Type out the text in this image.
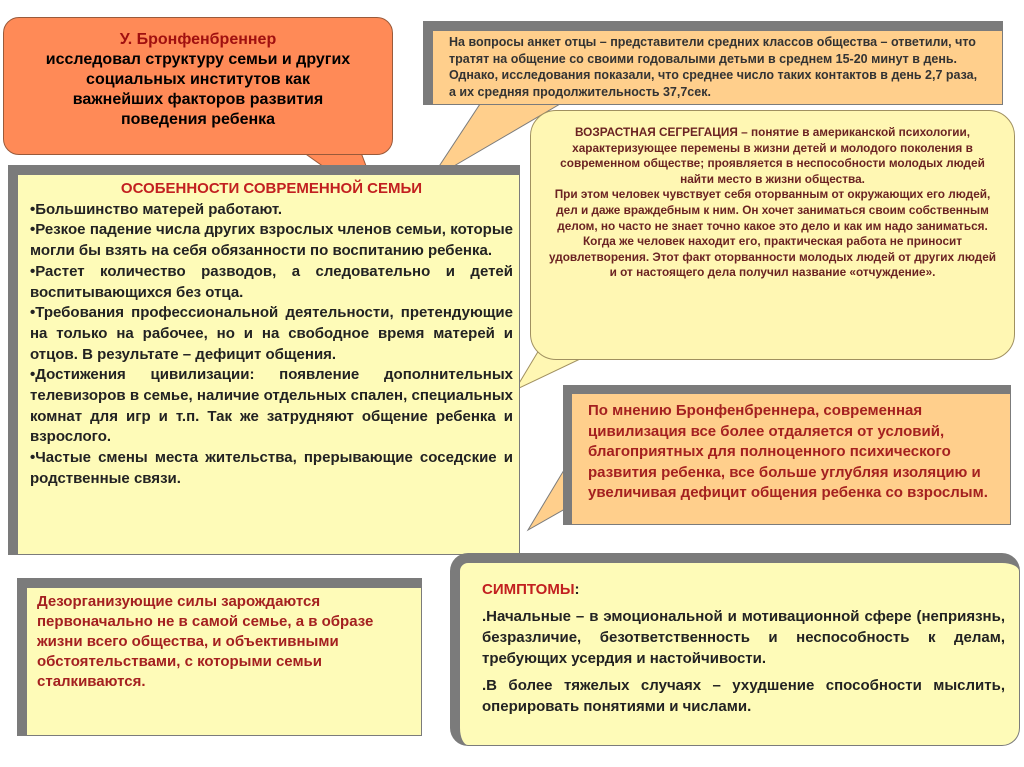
У. Бронфенбреннер
исследовал структуру семьи и других
социальных институтов как
важнейших факторов развития
поведения ребенка
На вопросы анкет отцы – представители средних классов общества – ответили, что тратят на общение со своими годовалыми детьми в среднем 15-20 минут в день. Однако, исследования показали, что среднее число таких контактов в день 2,7 раза, а их средняя продолжительность 37,7сек.
ВОЗРАСТНАЯ СЕГРЕГАЦИЯ – понятие в американской психологии, характеризующее перемены в жизни детей и молодого поколения в современном обществе; проявляется в неспособности молодых людей найти место в жизни общества.
При этом человек чувствует себя оторванным от окружающих его людей, дел и даже враждебным к ним. Он хочет заниматься своим собственным делом, но часто не знает точно какое это дело и как им надо заниматься. Когда же человек находит его, практическая работа не приносит удовлетворения. Этот факт оторванности молодых людей от других людей и от настоящего дела получил название «отчуждение».
ОСОБЕННОСТИ СОВРЕМЕННОЙ СЕМЬИ

•Большинство матерей работают.

•Резкое падение числа других взрослых членов семьи, которые могли бы взять на себя обязанности по воспитанию ребенка.

•Растет количество разводов, а следовательно и детей воспитывающихся без отца.

•Требования профессиональной деятельности, претендующие на только на рабочее, но и на свободное время матерей и отцов. В результате – дефицит общения.

•Достижения цивилизации: появление дополнительных телевизоров в семье, наличие отдельных спален, специальных комнат для игр и т.п. Так же затрудняют общение ребенка и взрослого.

•Частые смены места жительства, прерывающие соседские и родственные связи.

По мнению Бронфенбреннера, современная цивилизация все более отдаляется от условий, благоприятных для полноценного психического развития ребенка, все больше углубляя изоляцию и увеличивая дефицит общения ребенка со взрослым.
Дезорганизующие силы зарождаются первоначально не в самой семье, а в образе жизни всего общества, и объективными обстоятельствами, с которыми семьи сталкиваются.
СИМПТОМЫ:

.Начальные – в эмоциональной и мотивационной сфере (неприязнь, безразличие, безответственность и неспособность к делам, требующих усердия и настойчивости.

.В более тяжелых случаях – ухудшение способности мыслить, оперировать понятиями и числами.
